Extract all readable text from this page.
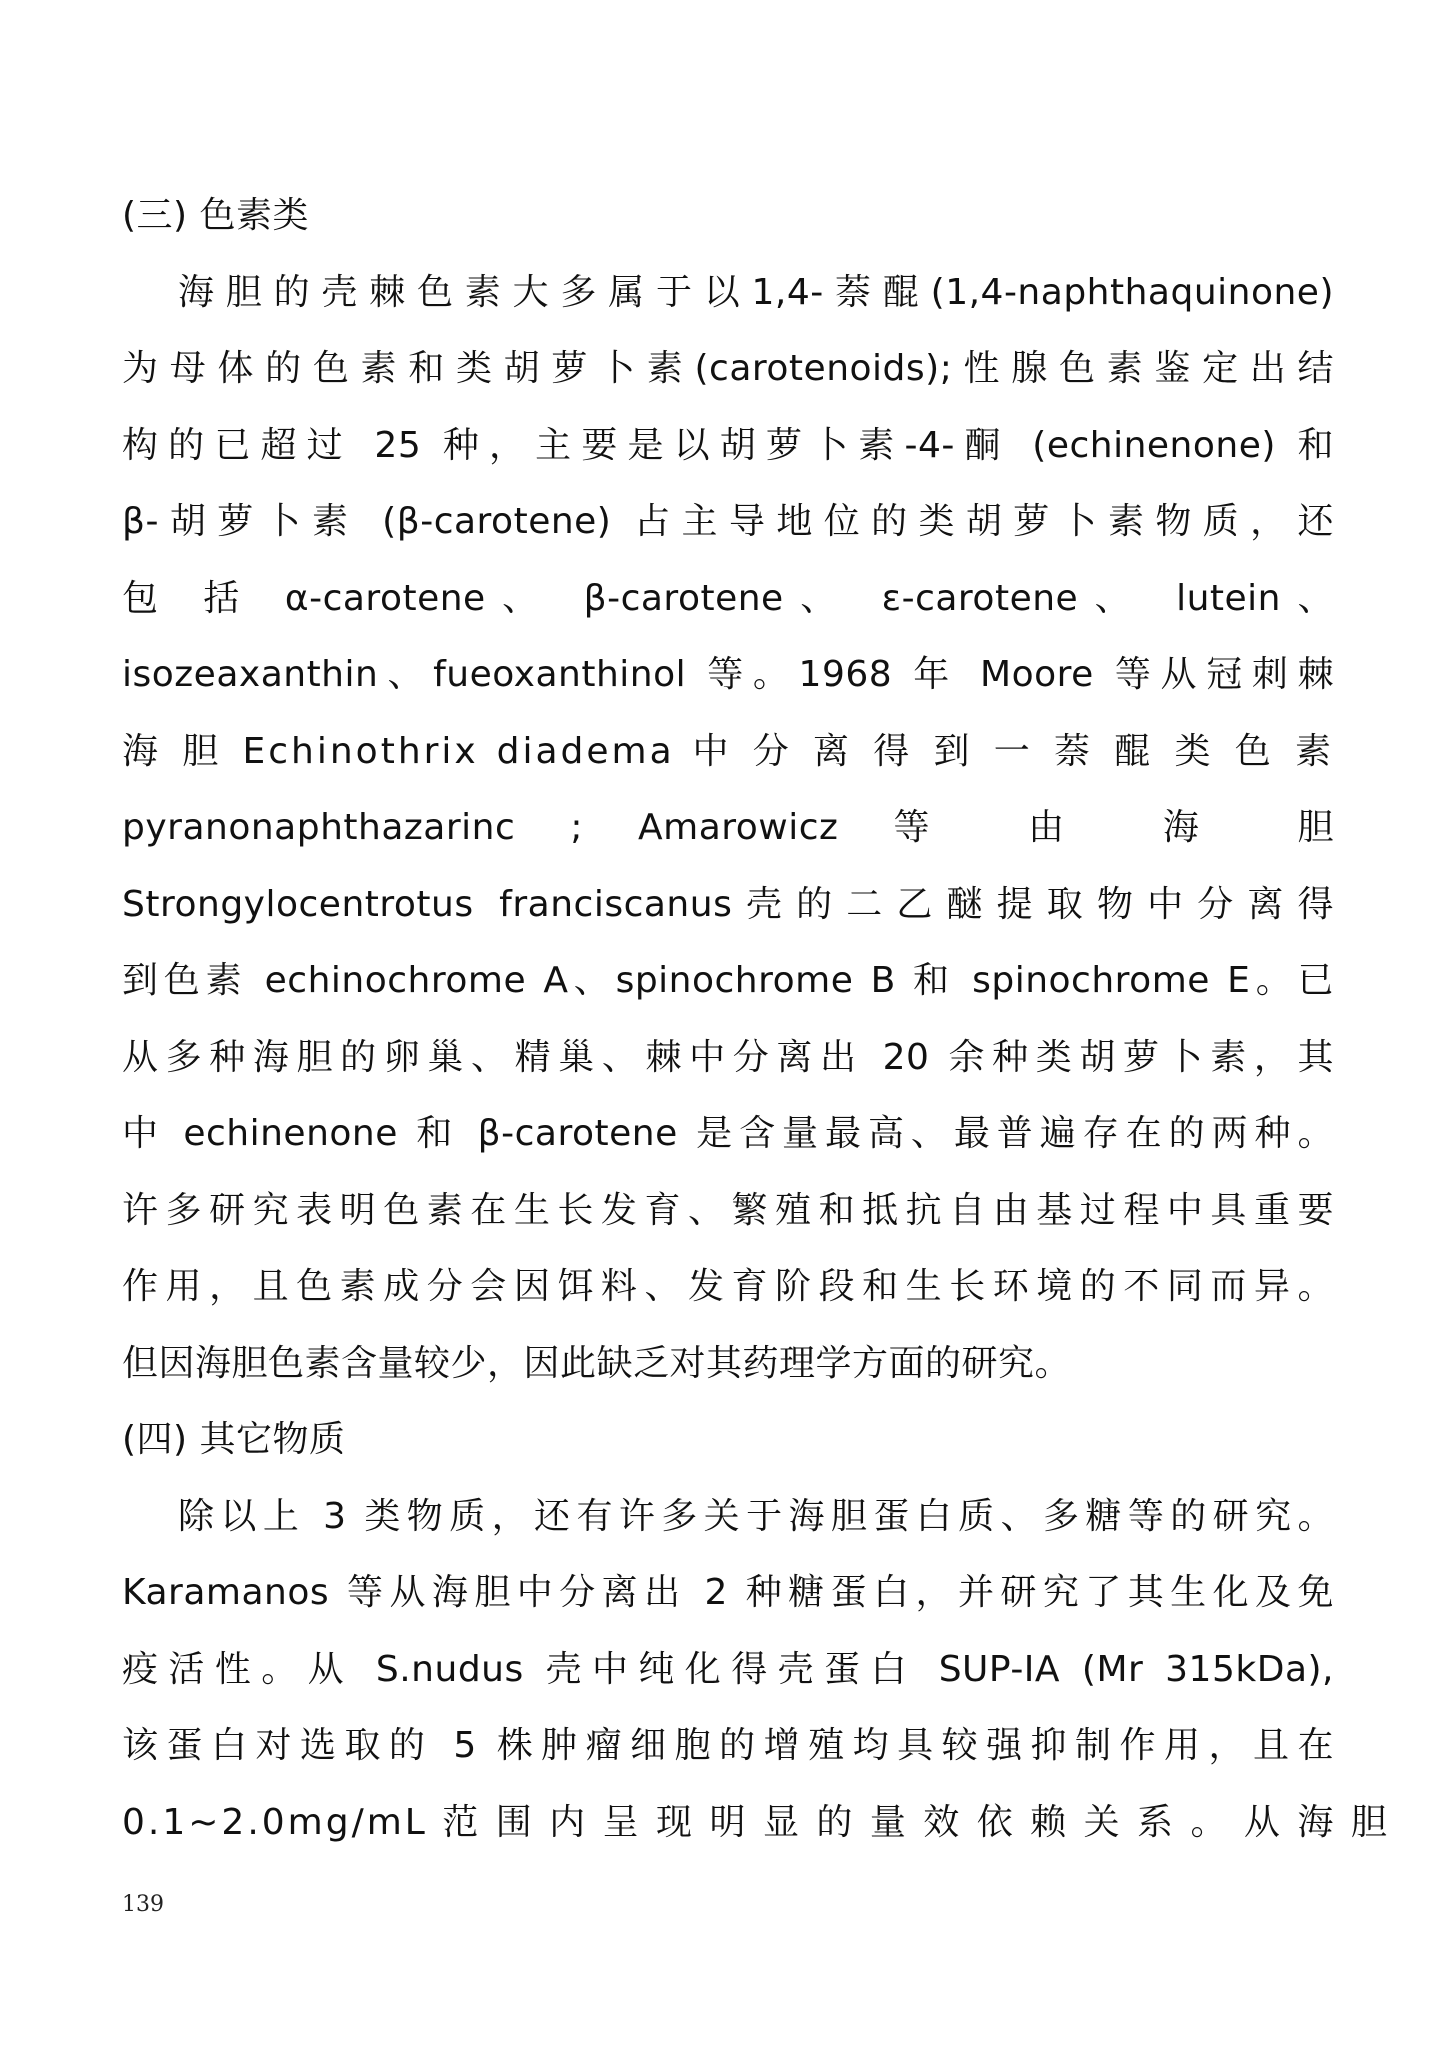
(三) 色素类
海胆的壳棘色素大多属于以1,4-萘醌(1,4-naphthaquinone)
为母体的色素和类胡萝卜素(carotenoids);性腺色素鉴定出结
构的已超过 25 种，主要是以胡萝卜素-4-酮 (echinenone) 和
β-胡萝卜素 (β-carotene) 占主导地位的类胡萝卜素物质，还
包 括 α-carotene、 β-carotene、 ε-carotene、 lutein、
isozeaxanthin、fueoxanthinol 等。1968 年 Moore 等从冠刺棘
海 胆 Echinothrix diadema 中 分 离 得 到 一 萘 醌 类 色 素
pyranonaphthazarinc ; Amarowicz 等 由 海 胆
Strongylocentrotus franciscanus壳的二乙醚提取物中分离得
到色素 echinochrome A、spinochrome B 和 spinochrome E。已
从多种海胆的卵巢、精巢、棘中分离出 20 余种类胡萝卜素，其
中 echinenone 和 β-carotene 是含量最高、最普遍存在的两种。
许多研究表明色素在生长发育、繁殖和抵抗自由基过程中具重要
作用，且色素成分会因饵料、发育阶段和生长环境的不同而异。
但因海胆色素含量较少，因此缺乏对其药理学方面的研究。
(四) 其它物质
除以上 3 类物质，还有许多关于海胆蛋白质、多糖等的研究。
Karamanos 等从海胆中分离出 2 种糖蛋白，并研究了其生化及免
疫活性。从 S.nudus 壳中纯化得壳蛋白 SUP-IA (Mr 315kDa),
该蛋白对选取的 5 株肿瘤细胞的增殖均具较强抑制作用，且在
0.1~2.0mg/mL 范 围 内 呈 现 明 显 的 量 效 依 赖 关 系 。 从 海 胆
139
